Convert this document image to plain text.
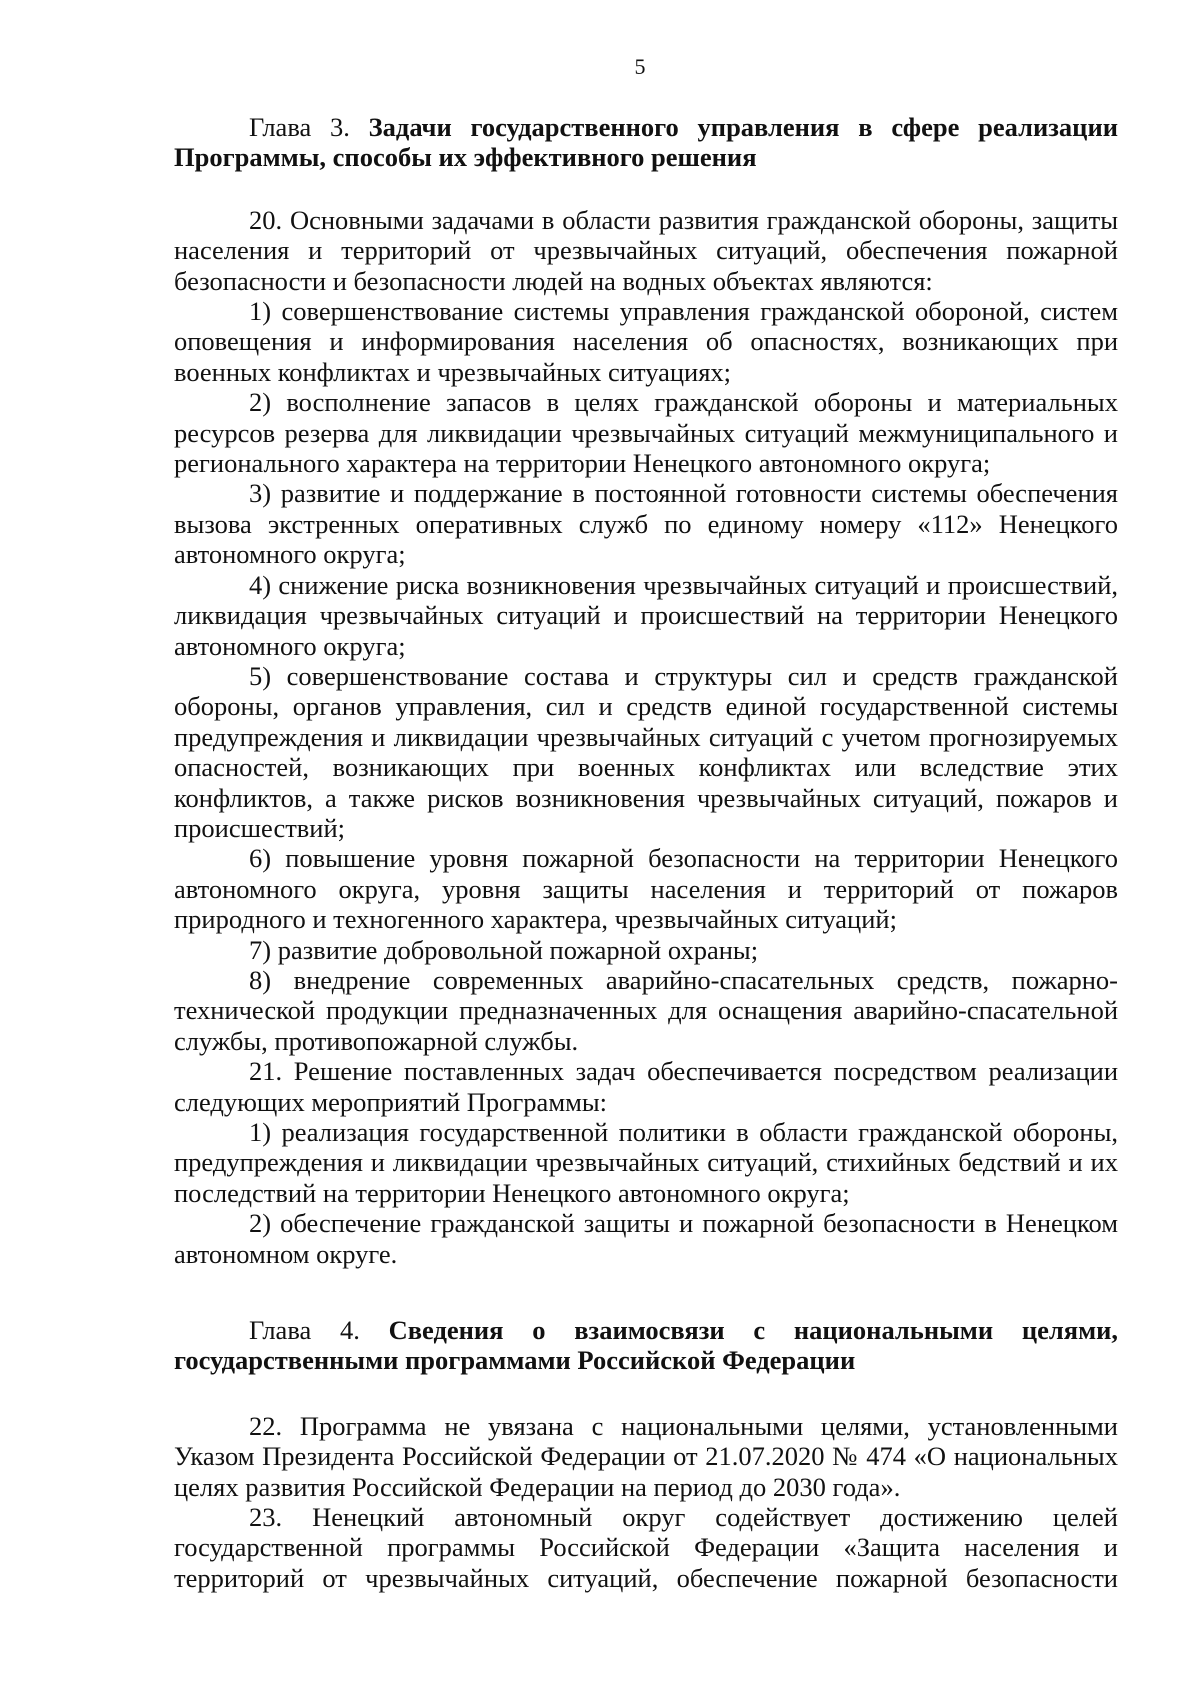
5

Глава 3. Задачи государственного управления в сфере реализации Программы, способы их эффективного решения

20. Основными задачами в области развития гражданской обороны, защиты населения и территорий от чрезвычайных ситуаций, обеспечения пожарной безопасности и безопасности людей на водных объектах являются:

1) совершенствование системы управления гражданской обороной, систем оповещения и информирования населения об опасностях, возникающих при военных конфликтах и чрезвычайных ситуациях;

2) восполнение запасов в целях гражданской обороны и материальных ресурсов резерва для ликвидации чрезвычайных ситуаций межмуниципального и регионального характера на территории Ненецкого автономного округа;

3) развитие и поддержание в постоянной готовности системы обеспечения вызова экстренных оперативных служб по единому номеру «112» Ненецкого автономного округа;

4) снижение риска возникновения чрезвычайных ситуаций и происшествий, ликвидация чрезвычайных ситуаций и происшествий на территории Ненецкого автономного округа;

5) совершенствование состава и структуры сил и средств гражданской обороны, органов управления, сил и средств единой государственной системы предупреждения и ликвидации чрезвычайных ситуаций с учетом прогнозируемых опасностей, возникающих при военных конфликтах или вследствие этих конфликтов, а также рисков возникновения чрезвычайных ситуаций, пожаров и происшествий;

6) повышение уровня пожарной безопасности на территории Ненецкого автономного округа, уровня защиты населения и территорий от пожаров природного и техногенного характера, чрезвычайных ситуаций;

7) развитие добровольной пожарной охраны;

8) внедрение современных аварийно-спасательных средств, пожарно-технической продукции предназначенных для оснащения аварийно-спасательной службы, противопожарной службы.

21. Решение поставленных задач обеспечивается посредством реализации следующих мероприятий Программы:

1) реализация государственной политики в области гражданской обороны, предупреждения и ликвидации чрезвычайных ситуаций, стихийных бедствий и их последствий на территории Ненецкого автономного округа;

2) обеспечение гражданской защиты и пожарной безопасности в Ненецком автономном округе.

Глава 4. Сведения о взаимосвязи с национальными целями, государственными программами Российской Федерации

22. Программа не увязана с национальными целями, установленными Указом Президента Российской Федерации от 21.07.2020 № 474 «О национальных целях развития Российской Федерации на период до 2030 года».

23. Ненецкий автономный округ содействует достижению целей государственной программы Российской Федерации «Защита населения и территорий от чрезвычайных ситуаций, обеспечение пожарной безопасности
